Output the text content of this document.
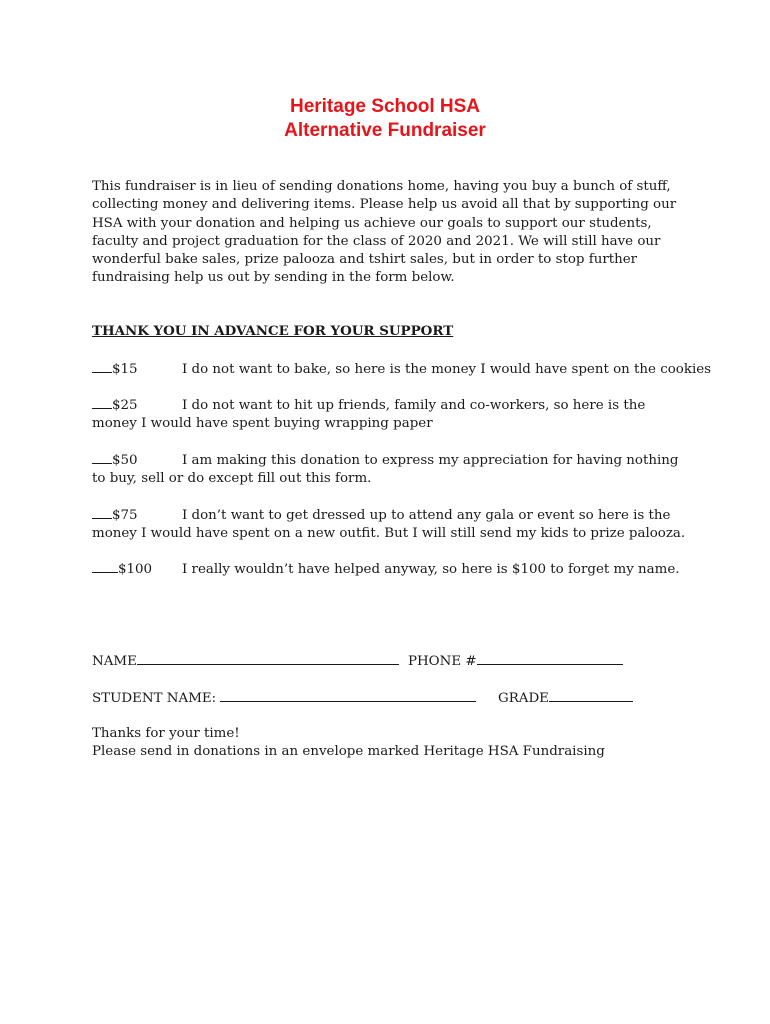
Heritage School HSA
Alternative Fundraiser
This fundraiser is in lieu of sending donations home, having you buy a bunch of stuff, collecting money and delivering items. Please help us avoid all that by supporting our HSA with your donation and helping us achieve our goals to support our students, faculty and project graduation for the class of 2020 and 2021. We will still have our wonderful bake sales, prize palooza and tshirt sales, but in order to stop further fundraising help us out by sending in the form below.
THANK YOU IN ADVANCE FOR YOUR SUPPORT
$15	I do not want to bake, so here is the money I would have spent on the cookies
$25	I do not want to hit up friends, family and co-workers, so here is the money I would have spent buying wrapping paper
$50	I am making this donation to express my appreciation for having nothing to buy, sell or do except fill out this form.
$75	I don’t want to get dressed up to attend any gala or event so here is the money I would have spent on a new outfit. But I will still send my kids to prize palooza.
$100 I really wouldn’t have helped anyway, so here is $100 to forget my name.
NAME	PHONE #
STUDENT NAME:	GRADE
Thanks for your time!
Please send in donations in an envelope marked Heritage HSA Fundraising
